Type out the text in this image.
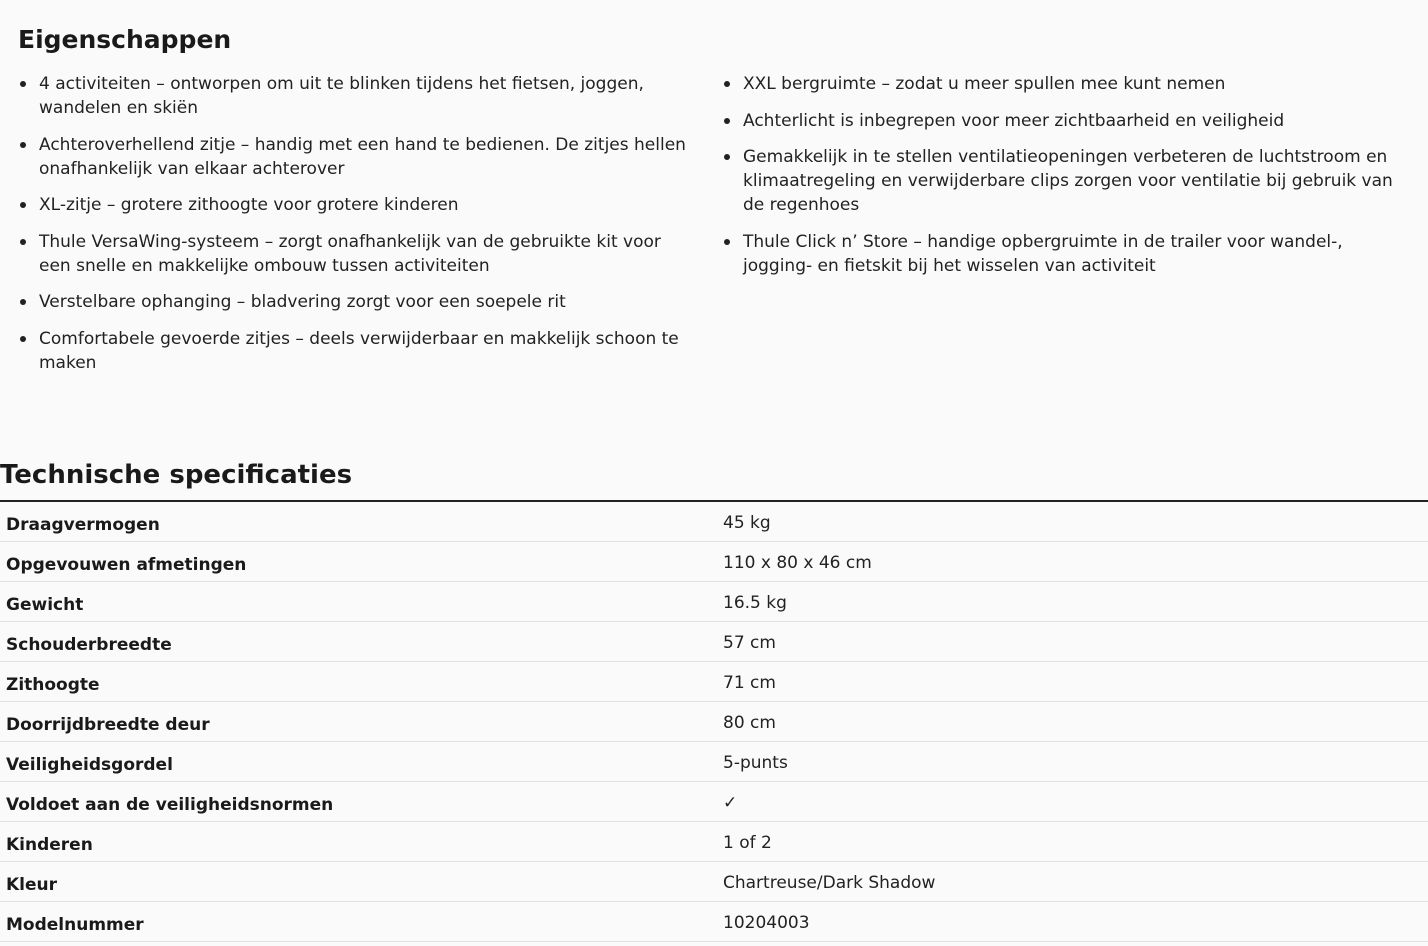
Eigenschappen
4 activiteiten – ontworpen om uit te blinken tijdens het fietsen, joggen, wandelen en skiën
Achteroverhellend zitje – handig met een hand te bedienen. De zitjes hellen onafhankelijk van elkaar achterover
XL-zitje – grotere zithoogte voor grotere kinderen
Thule VersaWing-systeem – zorgt onafhankelijk van de gebruikte kit voor een snelle en makkelijke ombouw tussen activiteiten
Verstelbare ophanging – bladvering zorgt voor een soepele rit
Comfortabele gevoerde zitjes – deels verwijderbaar en makkelijk schoon te maken
XXL bergruimte – zodat u meer spullen mee kunt nemen
Achterlicht is inbegrepen voor meer zichtbaarheid en veiligheid
Gemakkelijk in te stellen ventilatieopeningen verbeteren de luchtstroom en klimaatregeling en verwijderbare clips zorgen voor ventilatie bij gebruik van de regenhoes
Thule Click n’ Store – handige opbergruimte in de trailer voor wandel-, jogging- en fietskit bij het wisselen van activiteit
Technische specificaties
Draagvermogen	45 kg
Opgevouwen afmetingen	110 x 80 x 46 cm
Gewicht	16.5 kg
Schouderbreedte	57 cm
Zithoogte	71 cm
Doorrijdbreedte deur	80 cm
Veiligheidsgordel	5-punts
Voldoet aan de veiligheidsnormen	✓
Kinderen	1 of 2
Kleur	Chartreuse/Dark Shadow
Modelnummer	10204003
